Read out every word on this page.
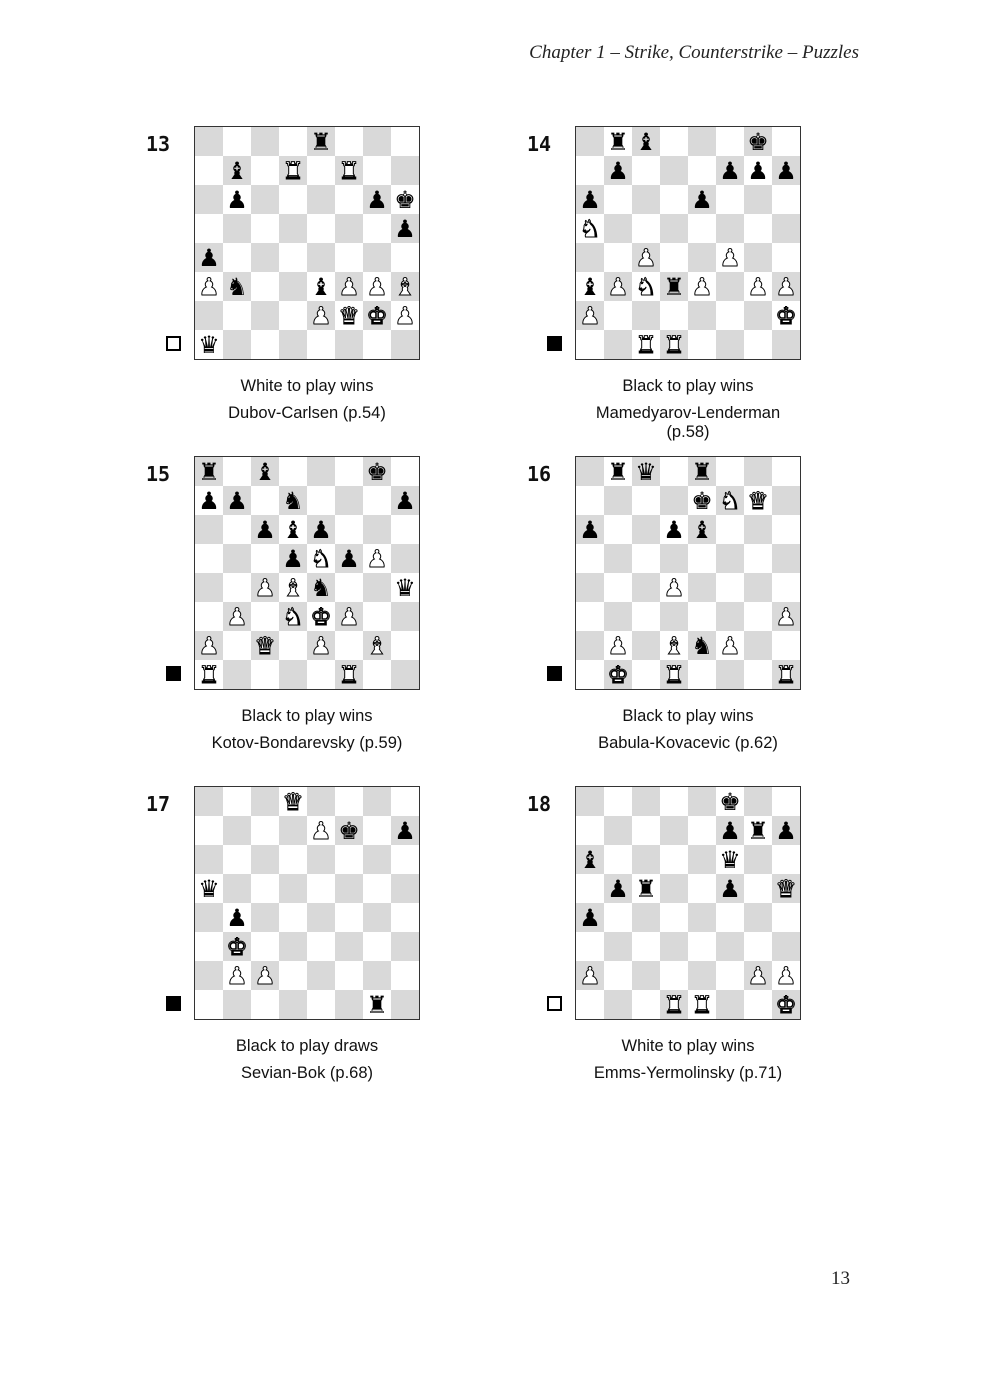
Chapter 1 – Strike, Counterstrike – Puzzles
13	♜
♝ ♜ ♜
♟	♟ ♚
♟
♟
♟ ♞	♝ ♟ ♟ ♝
♟ ♛ ♚ ♟
♛
White to play wins
Dubov-Carlsen (p.54)
14 ♜ ♝	♚
♟	♟ ♟ ♟
♟	♟
♞
♟	♟
♝ ♟ ♞ ♜ ♟ ♟ ♟
♟	♚
♜ ♜
Black to play wins
Mamedyarov-Lenderman (p.58)
15 ♜ ♝	♚
♟ ♟ ♞	♟
♟ ♝ ♟
♟ ♞ ♟ ♟
♟ ♝ ♞	♛
♟ ♞ ♚ ♟
♟ ♛ ♟ ♝
♜	♜
Black to play wins
Kotov-Bondarevsky (p.59)
16 ♜ ♛ ♜
♚ ♞ ♛
♟	♟ ♝
♟
♟
♟ ♝ ♞ ♟
♚ ♜	♜
Black to play wins
Babula-Kovacevic (p.62)
17	♛
♟ ♚ ♟
♛
♟
♚
♟ ♟
♜
Black to play draws
Sevian-Bok (p.68)
18	♚
♟ ♜ ♟
♝	♛
♟ ♜	♟ ♛
♟
♟	♟ ♟
♜ ♜	♚
White to play wins
Emms-Yermolinsky (p.71)
13
